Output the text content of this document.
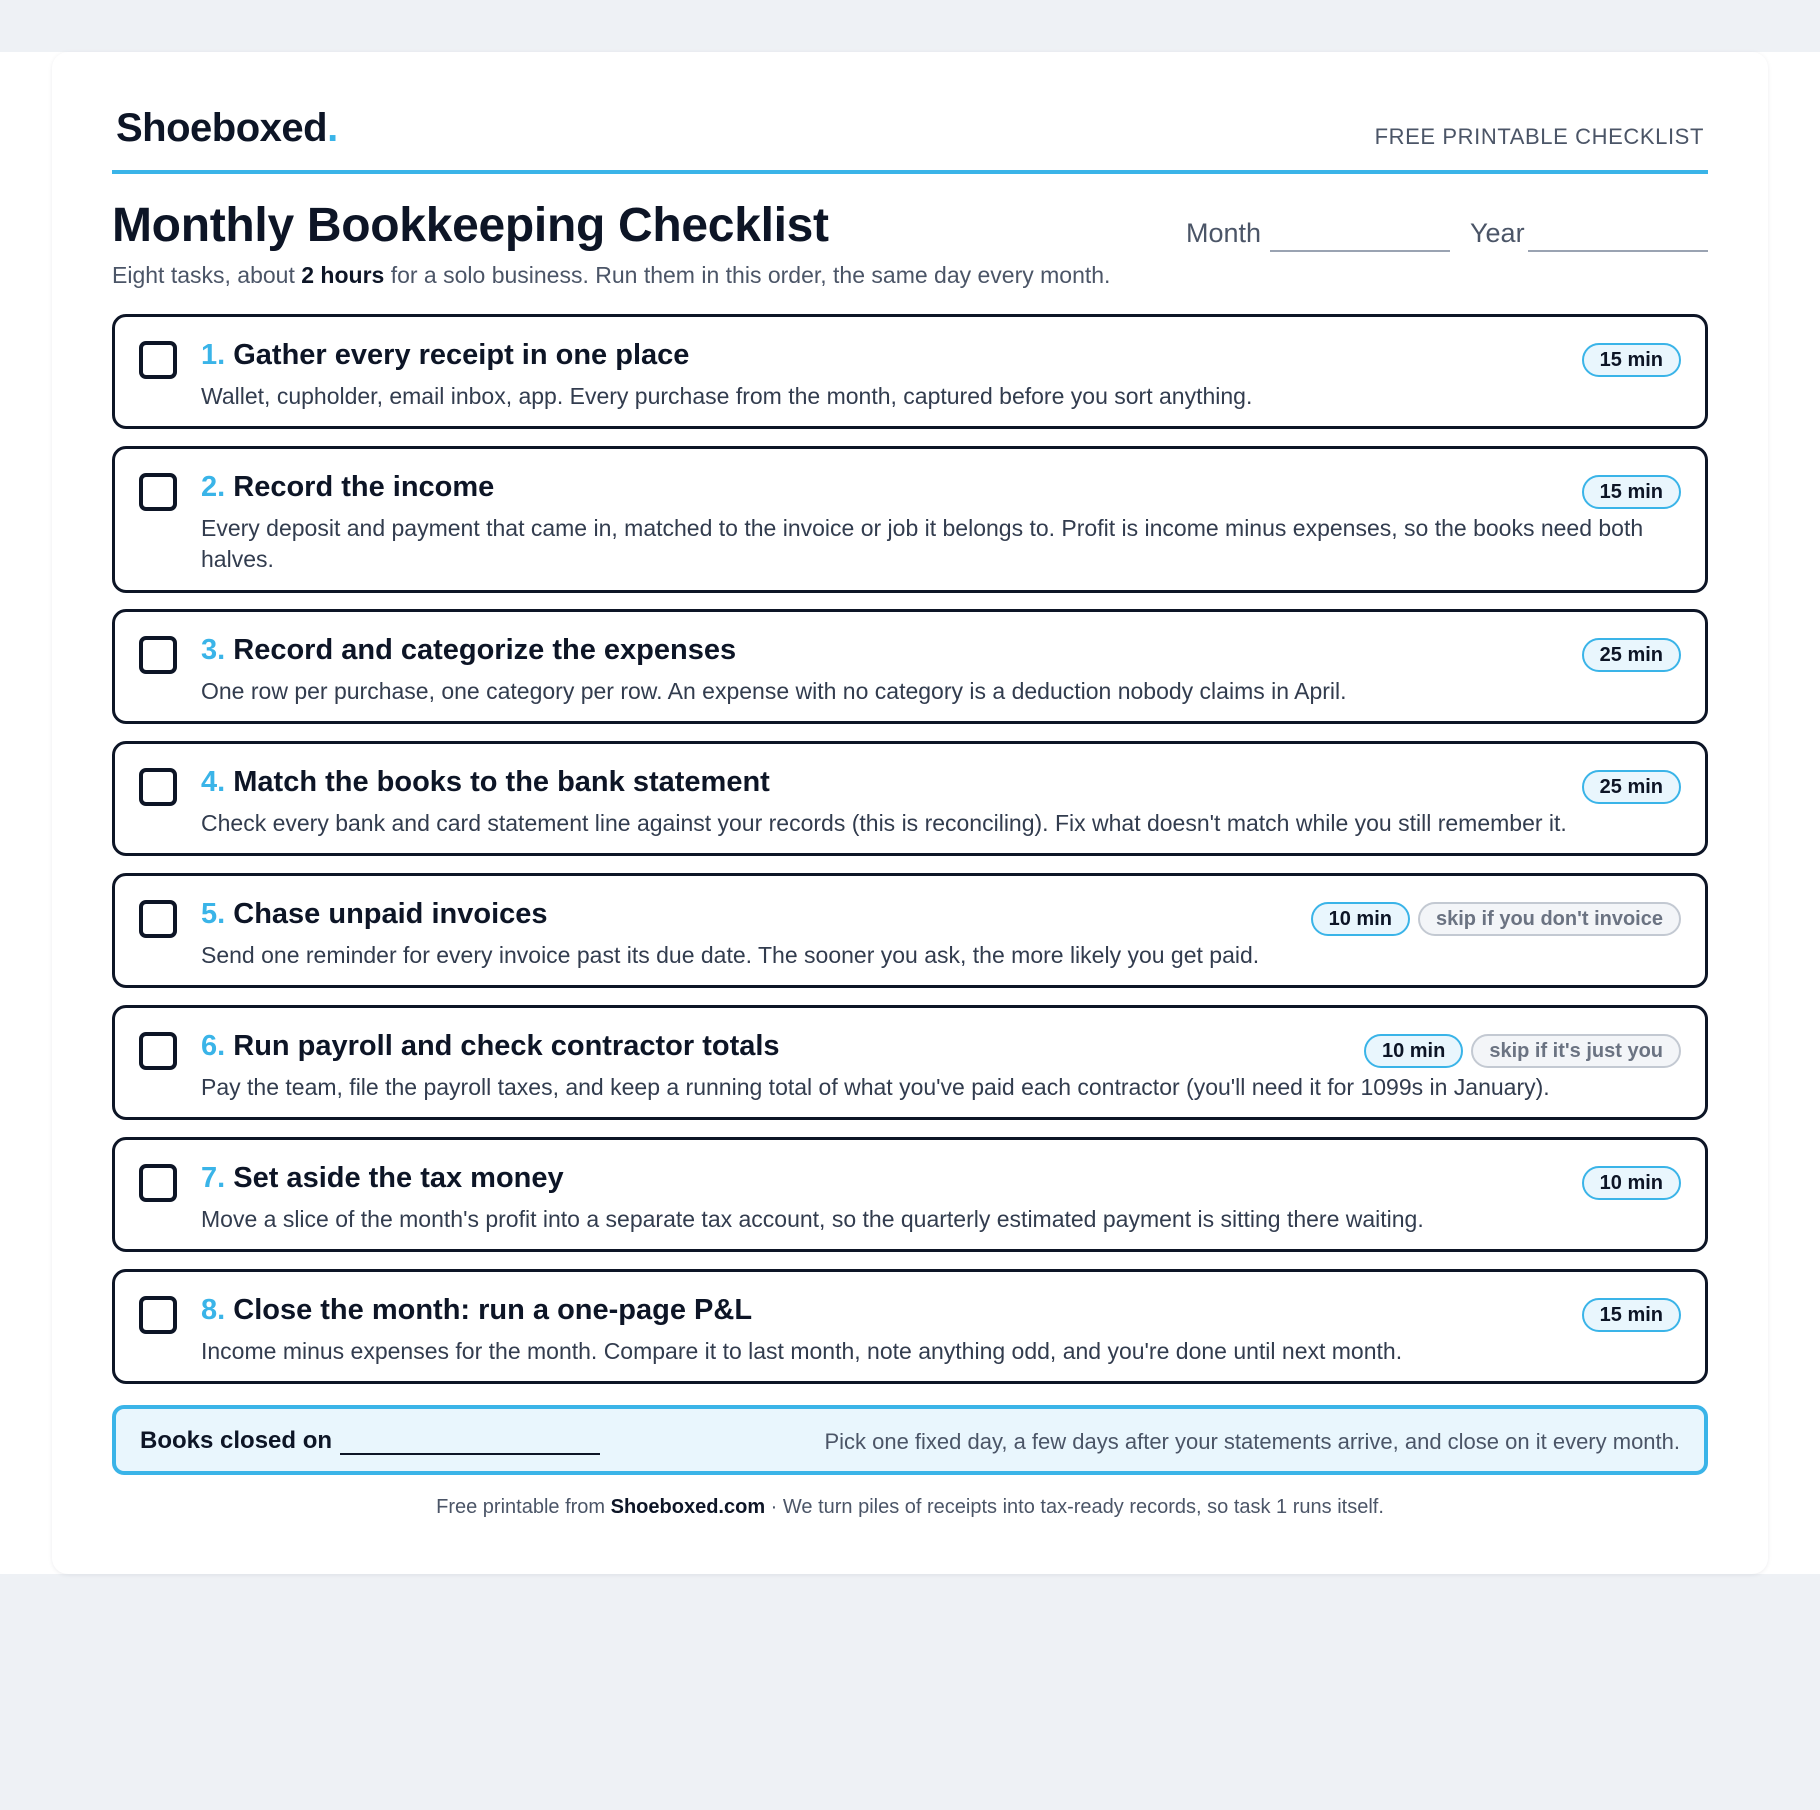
Shoeboxed.	FREE PRINTABLE CHECKLIST
Monthly Bookkeeping Checklist
Eight tasks, about 2 hours for a solo business. Run them in this order, the same day every month.
Month	Year
1. Gather every receipt in one place	15 min
Wallet, cupholder, email inbox, app. Every purchase from the month, captured before you sort anything.
2. Record the income	15 min
Every deposit and payment that came in, matched to the invoice or job it belongs to. Profit is income minus expenses, so the books need both halves.
3. Record and categorize the expenses	25 min
One row per purchase, one category per row. An expense with no category is a deduction nobody claims in April.
4. Match the books to the bank statement	25 min
Check every bank and card statement line against your records (this is reconciling). Fix what doesn't match while you still remember it.
5. Chase unpaid invoices	10 min	skip if you don't invoice
Send one reminder for every invoice past its due date. The sooner you ask, the more likely you get paid.
6. Run payroll and check contractor totals	10 min	skip if it's just you
Pay the team, file the payroll taxes, and keep a running total of what you've paid each contractor (you'll need it for 1099s in January).
7. Set aside the tax money	10 min
Move a slice of the month's profit into a separate tax account, so the quarterly estimated payment is sitting there waiting.
8. Close the month: run a one-page P&L	15 min
Income minus expenses for the month. Compare it to last month, note anything odd, and you're done until next month.
Books closed on	Pick one fixed day, a few days after your statements arrive, and close on it every month.
Free printable from Shoeboxed.com · We turn piles of receipts into tax-ready records, so task 1 runs itself.
